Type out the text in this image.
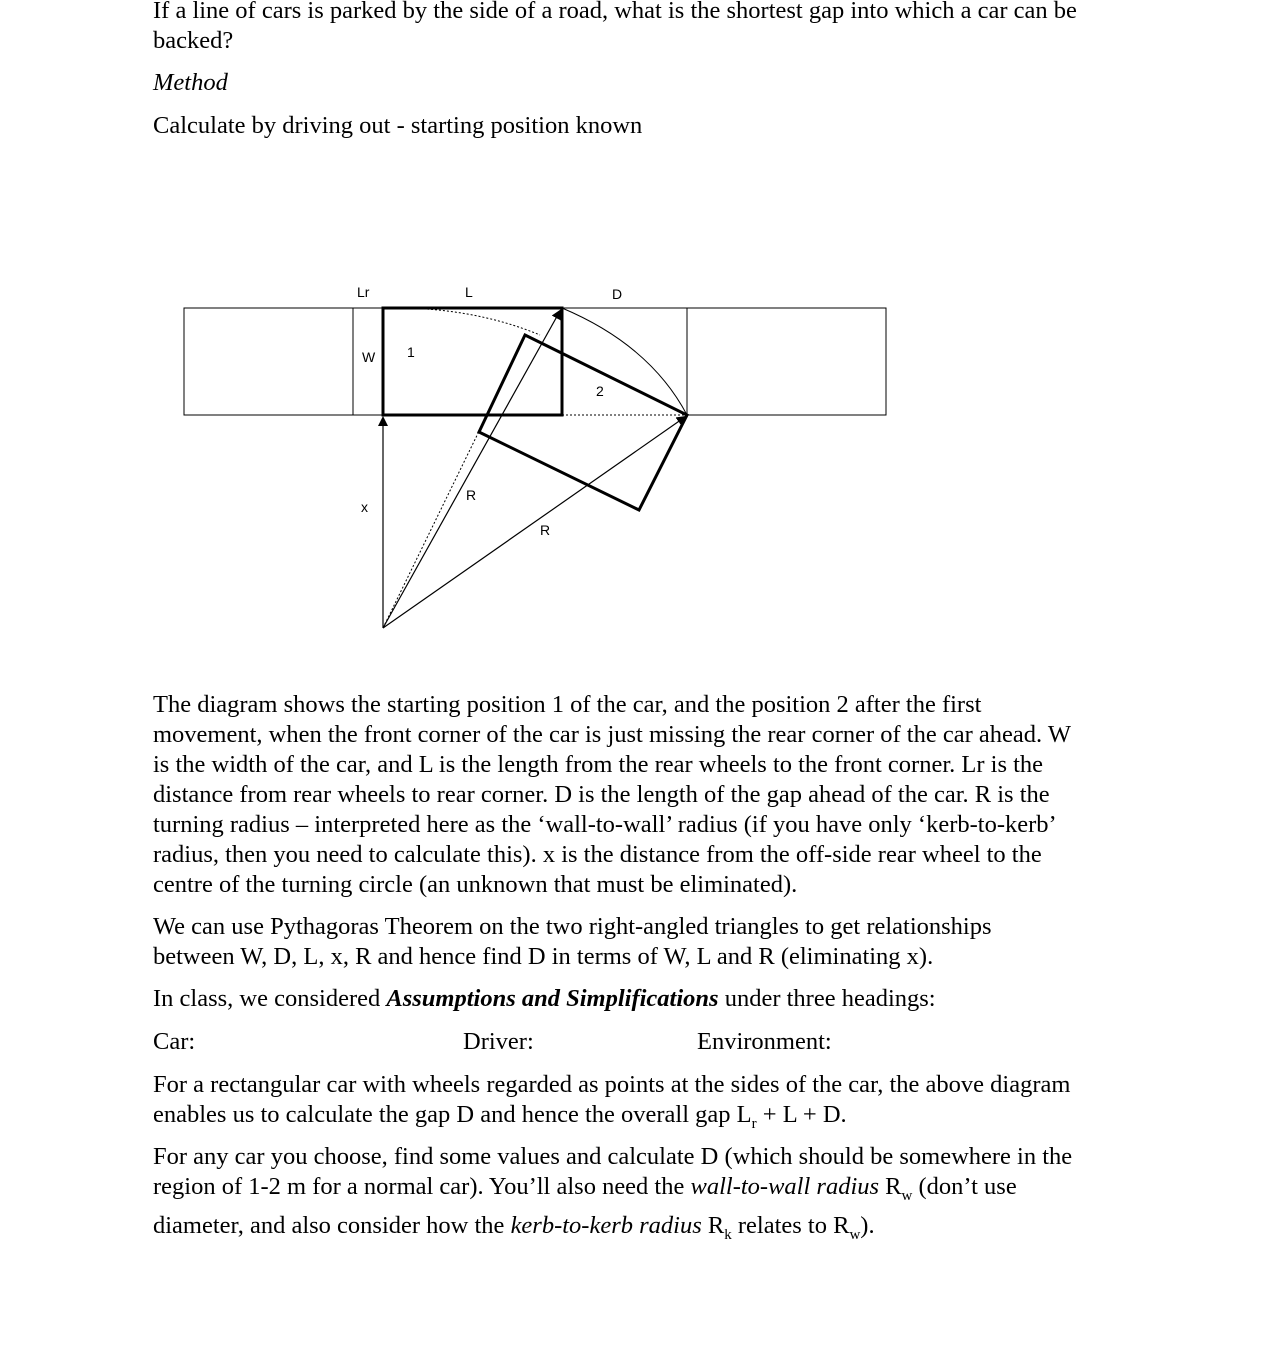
If a line of cars is parked by the side of a road, what is the shortest gap into which a car can be
backed?
Method
Calculate by driving out - starting position known
Lr	L	D
W 1
2
x
R
R
The diagram shows the starting position 1 of the car, and the position 2 after the first
movement, when the front corner of the car is just missing the rear corner of the car ahead. W
is the width of the car, and L is the length from the rear wheels to the front corner. Lr is the
distance from rear wheels to rear corner. D is the length of the gap ahead of the car. R is the
turning radius – interpreted here as the ‘wall-to-wall’ radius (if you have only ‘kerb-to-kerb’
radius, then you need to calculate this). x is the distance from the off-side rear wheel to the
centre of the turning circle (an unknown that must be eliminated).
We can use Pythagoras Theorem on the two right-angled triangles to get relationships
between W, D, L, x, R and hence find D in terms of W, L and R (eliminating x).
In class, we considered Assumptions and Simplifications under three headings:
Car:	Driver:	Environment:
For a rectangular car with wheels regarded as points at the sides of the car, the above diagram
enables us to calculate the gap D and hence the overall gap $L_r + L + D$.
For any car you choose, find some values and calculate D (which should be somewhere in the
region of 1-2 m for a normal car). You’ll also need the wall-to-wall radius $R_w$ (don’t use
diameter, and also consider how the kerb-to-kerb radius $R_k$ relates to $R_w$).
